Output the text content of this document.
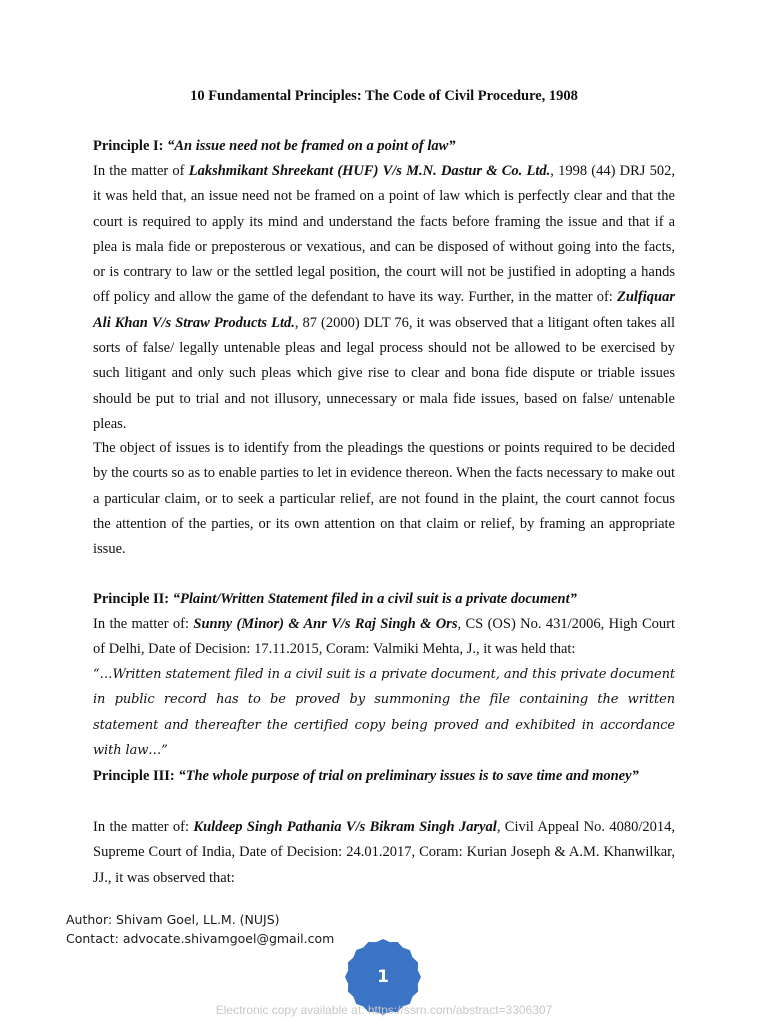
10 Fundamental Principles: The Code of Civil Procedure, 1908
Principle I: “An issue need not be framed on a point of law”
In the matter of Lakshmikant Shreekant (HUF) V/s M.N. Dastur & Co. Ltd., 1998 (44) DRJ 502, it was held that, an issue need not be framed on a point of law which is perfectly clear and that the court is required to apply its mind and understand the facts before framing the issue and that if a plea is mala fide or preposterous or vexatious, and can be disposed of without going into the facts, or is contrary to law or the settled legal position, the court will not be justified in adopting a hands off policy and allow the game of the defendant to have its way. Further, in the matter of: Zulfiquar Ali Khan V/s Straw Products Ltd., 87 (2000) DLT 76, it was observed that a litigant often takes all sorts of false/ legally untenable pleas and legal process should not be allowed to be exercised by such litigant and only such pleas which give rise to clear and bona fide dispute or triable issues should be put to trial and not illusory, unnecessary or mala fide issues, based on false/ untenable pleas.
The object of issues is to identify from the pleadings the questions or points required to be decided by the courts so as to enable parties to let in evidence thereon. When the facts necessary to make out a particular claim, or to seek a particular relief, are not found in the plaint, the court cannot focus the attention of the parties, or its own attention on that claim or relief, by framing an appropriate issue.
Principle II: “Plaint/Written Statement filed in a civil suit is a private document”
In the matter of: Sunny (Minor) & Anr V/s Raj Singh & Ors, CS (OS) No. 431/2006, High Court of Delhi, Date of Decision: 17.11.2015, Coram: Valmiki Mehta, J., it was held that:
“…Written statement filed in a civil suit is a private document, and this private document in public record has to be proved by summoning the file containing the written statement and thereafter the certified copy being proved and exhibited in accordance with law…”
Principle III: “The whole purpose of trial on preliminary issues is to save time and money”
In the matter of: Kuldeep Singh Pathania V/s Bikram Singh Jaryal, Civil Appeal No. 4080/2014, Supreme Court of India, Date of Decision: 24.01.2017, Coram: Kurian Joseph & A.M. Khanwilkar, JJ., it was observed that:
Author: Shivam Goel, LL.M. (NUJS)
Contact: advocate.shivamgoel@gmail.com
1
Electronic copy available at: https://ssrn.com/abstract=3306307
